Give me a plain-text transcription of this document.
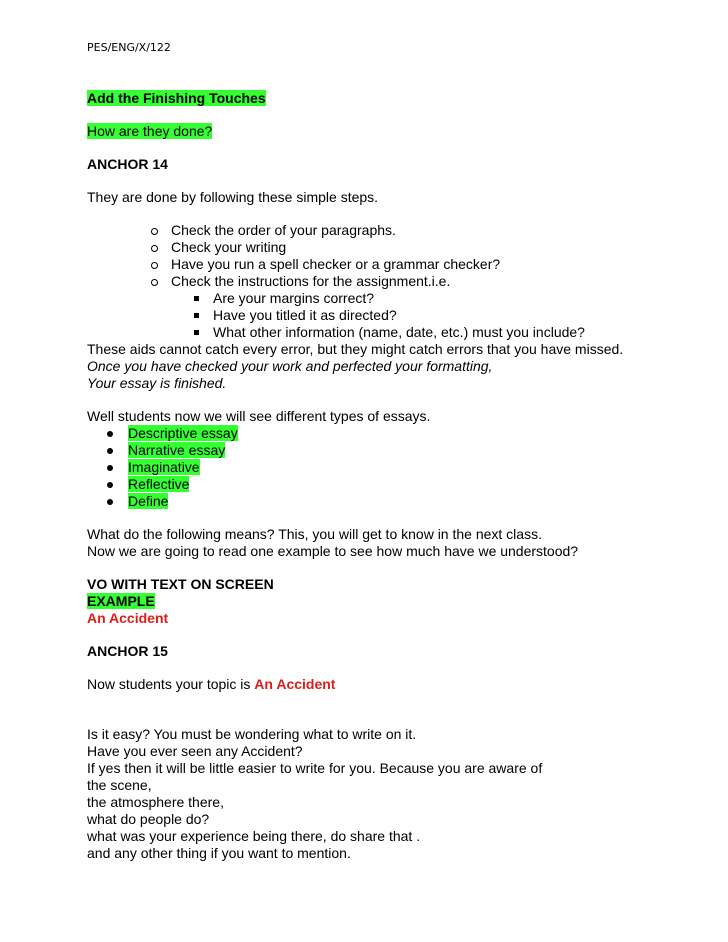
PES/ENG/X/122
Add the Finishing Touches
How are they done?
ANCHOR 14
They are done by following these simple steps.
Check the order of your paragraphs.
Check your writing
Have you run a spell checker or a grammar checker?
Check the instructions for the assignment.i.e.
Are your margins correct?
Have you titled it as directed?
What other information (name, date, etc.) must you include?
These aids cannot catch every error, but they might catch errors that you have missed.
Once you have checked your work and perfected your formatting,
Your essay is finished.
Well students now we will see different types of essays.
Descriptive essay
Narrative essay
Imaginative
Reflective
Define
What do the following means? This, you will get to know in the next class.
Now we are going to read one example to see how much have we understood?
VO WITH TEXT ON SCREEN
EXAMPLE
An Accident
ANCHOR 15
Now students your topic is An Accident
Is it easy? You must be wondering what to write on it.
Have you ever seen any Accident?
If yes then it will be little easier to write for you. Because you are aware of
the scene,
the atmosphere there,
what do people do?
what was your experience being there, do share that .
and any other thing if you want to mention.
